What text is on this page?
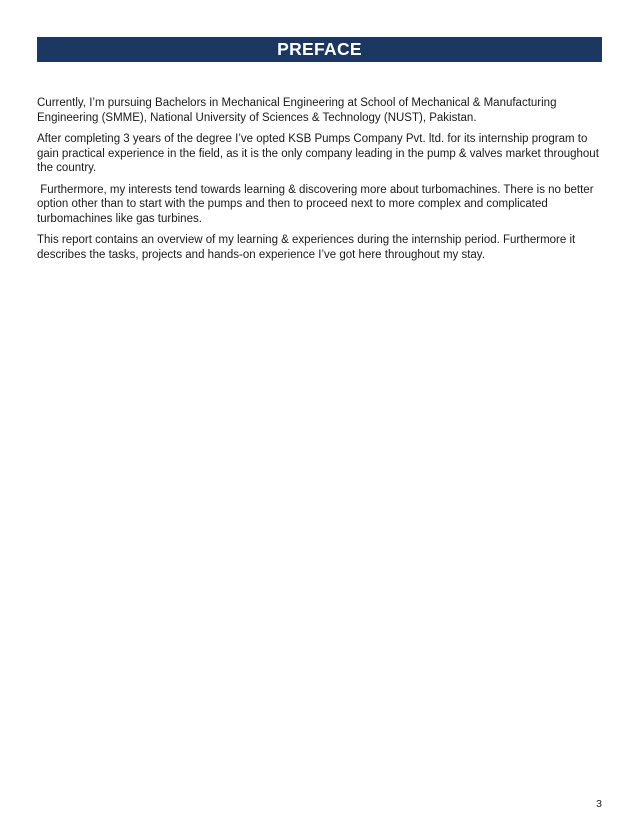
PREFACE

Currently, I’m pursuing Bachelors in Mechanical Engineering at School of Mechanical & Manufacturing Engineering (SMME), National University of Sciences & Technology (NUST), Pakistan.

After completing 3 years of the degree I’ve opted KSB Pumps Company Pvt. ltd. for its internship program to gain practical experience in the field, as it is the only company leading in the pump & valves market throughout the country.

Furthermore, my interests tend towards learning & discovering more about turbomachines. There is no better option other than to start with the pumps and then to proceed next to more complex and complicated turbomachines like gas turbines.

This report contains an overview of my learning & experiences during the internship period. Furthermore it describes the tasks, projects and hands-on experience I’ve got here throughout my stay.

3
